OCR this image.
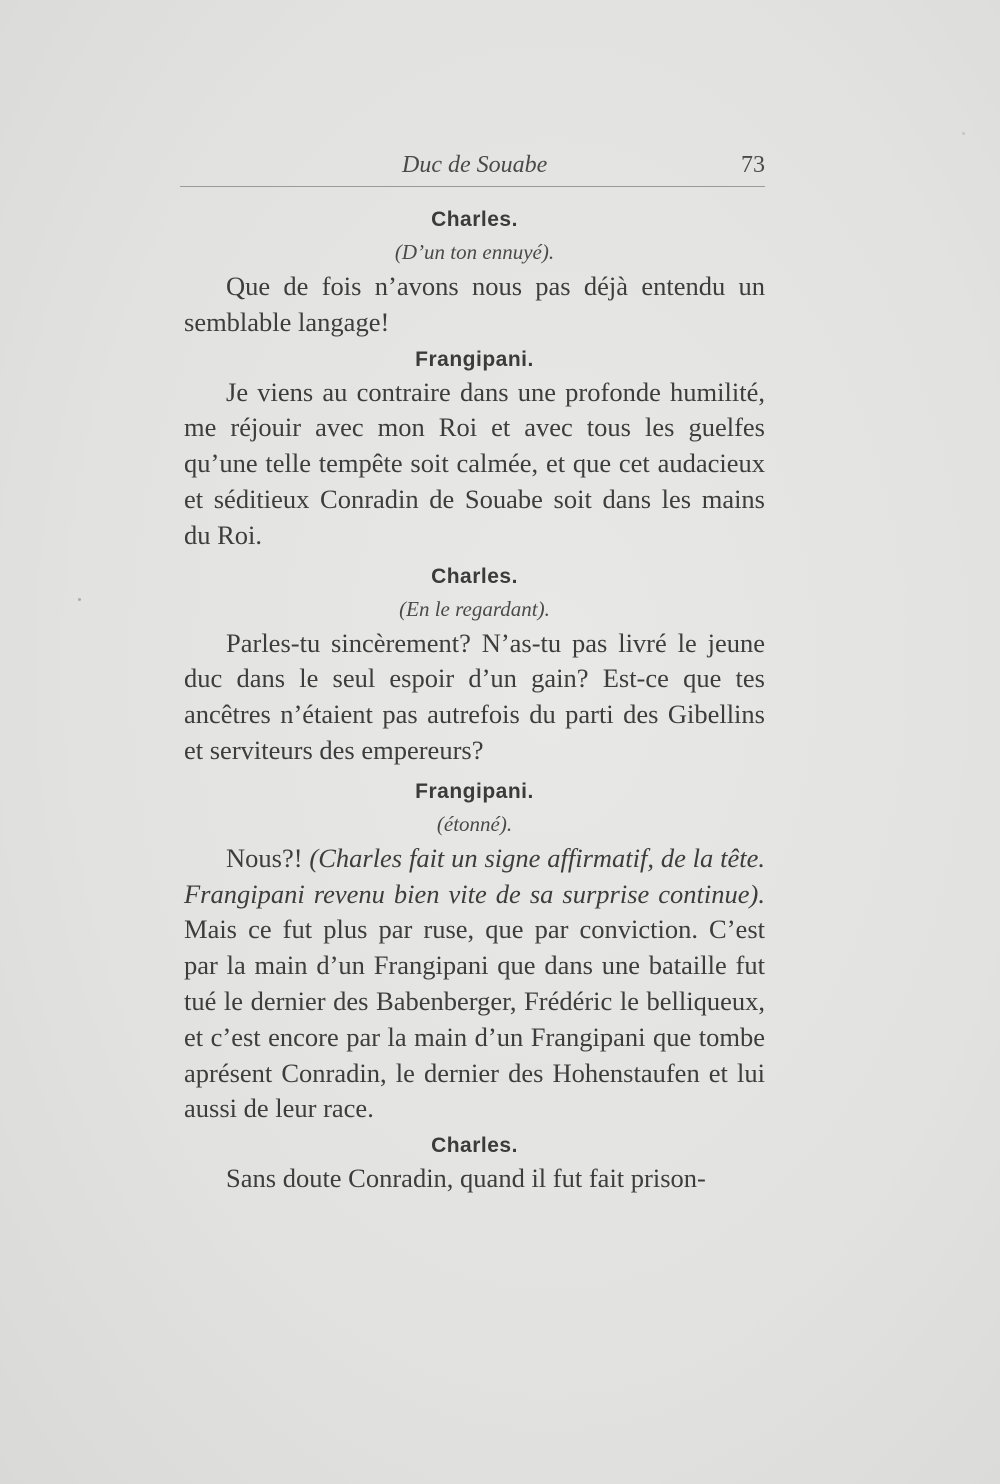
Duc de Souabe	73
Charles.
(D’un ton ennuyé).

Que de fois n’avons nous pas déjà entendu un semblable langage!

Frangipani.

Je viens au contraire dans une profonde humilité, me réjouir avec mon Roi et avec tous les guelfes qu’une telle tempête soit calmée, et que cet audacieux et séditieux Conradin de Souabe soit dans les mains du Roi.

Charles.
(En le regardant).

Parles-tu sincèrement? N’as-tu pas livré le jeune duc dans le seul espoir d’un gain? Est-ce que tes ancêtres n’étaient pas autrefois du parti des Gibellins et serviteurs des empereurs?

Frangipani.
(étonné).

Nous?! (Charles fait un signe affirmatif, de la tête. Frangipani revenu bien vite de sa surprise continue). Mais ce fut plus par ruse, que par conviction. C’est par la main d’un Frangipani que dans une bataille fut tué le dernier des Babenberger, Frédéric le belliqueux, et c’est encore par la main d’un Frangipani que tombe aprésent Conradin, le dernier des Hohenstaufen et lui aussi de leur race.

Charles.

Sans doute Conradin, quand il fut fait prison-
